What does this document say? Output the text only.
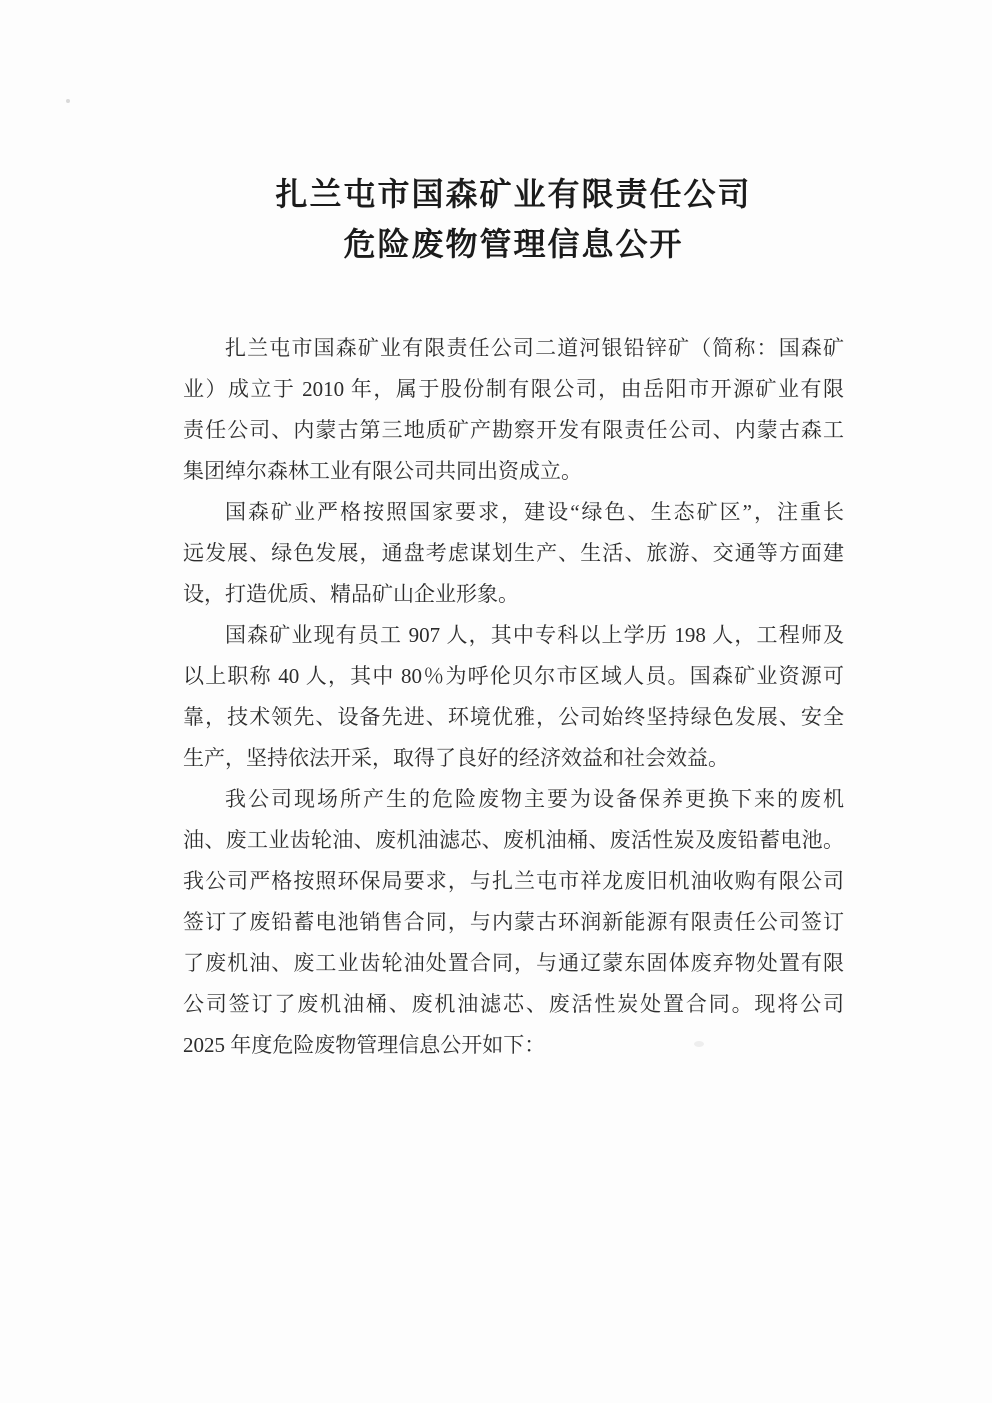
扎兰屯市国森矿业有限责任公司
危险废物管理信息公开
扎兰屯市国森矿业有限责任公司二道河银铅锌矿（简称：国森矿
业）成立于 2010 年，属于股份制有限公司，由岳阳市开源矿业有限
责任公司、内蒙古第三地质矿产勘察开发有限责任公司、内蒙古森工
集团绰尔森林工业有限公司共同出资成立。
国森矿业严格按照国家要求，建设“绿色、生态矿区”，注重长
远发展、绿色发展，通盘考虑谋划生产、生活、旅游、交通等方面建
设，打造优质、精品矿山企业形象。
国森矿业现有员工 907 人，其中专科以上学历 198 人，工程师及
以上职称 40 人，其中 80％为呼伦贝尔市区域人员。国森矿业资源可
靠，技术领先、设备先进、环境优雅，公司始终坚持绿色发展、安全
生产，坚持依法开采，取得了良好的经济效益和社会效益。
我公司现场所产生的危险废物主要为设备保养更换下来的废机
油、废工业齿轮油、废机油滤芯、废机油桶、废活性炭及废铅蓄电池。
我公司严格按照环保局要求，与扎兰屯市祥龙废旧机油收购有限公司
签订了废铅蓄电池销售合同，与内蒙古环润新能源有限责任公司签订
了废机油、废工业齿轮油处置合同，与通辽蒙东固体废弃物处置有限
公司签订了废机油桶、废机油滤芯、废活性炭处置合同。现将公司
2025 年度危险废物管理信息公开如下：
